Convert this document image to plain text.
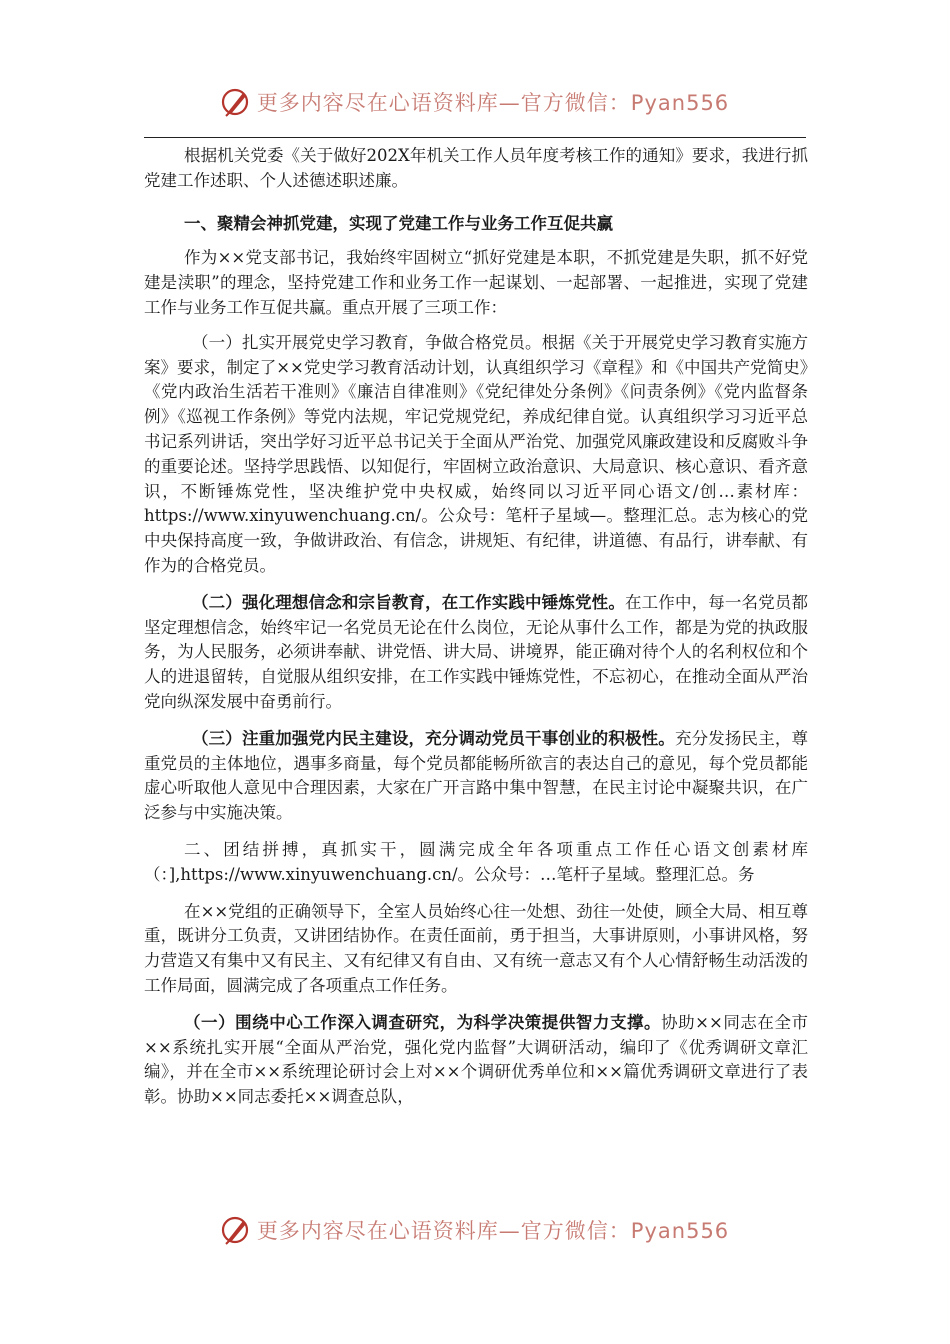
更多内容尽在心语资料库—官方微信：Pyan556

根据机关党委《关于做好202X年机关工作人员年度考核工作的通知》要求，我进行抓党建工作述职、个人述德述职述廉。

一、聚精会神抓党建，实现了党建工作与业务工作互促共赢

作为××党支部书记，我始终牢固树立“抓好党建是本职，不抓党建是失职，抓不好党建是渎职”的理念，坚持党建工作和业务工作一起谋划、一起部署、一起推进，实现了党建工作与业务工作互促共赢。重点开展了三项工作：

（一）扎实开展党史学习教育，争做合格党员。根据《关于开展党史学习教育实施方案》要求，制定了××党史学习教育活动计划，认真组织学习《章程》和《中国共产党简史》《党内政治生活若干准则》《廉洁自律准则》《党纪律处分条例》《问责条例》《党内监督条例》《巡视工作条例》等党内法规，牢记党规党纪，养成纪律自觉。认真组织学习习近平总书记系列讲话，突出学好习近平总书记关于全面从严治党、加强党风廉政建设和反腐败斗争的重要论述。坚持学思践悟、以知促行，牢固树立政治意识、大局意识、核心意识、看齐意识，不断锤炼党性，坚决维护党中央权威，始终同以习近平同心语文/创…素材库：https://www.xinyuwenchuang.cn/。公众号：笔杆子星域—。整理汇总。志为核心的党中央保持高度一致，争做讲政治、有信念，讲规矩、有纪律，讲道德、有品行，讲奉献、有作为的合格党员。

（二）强化理想信念和宗旨教育，在工作实践中锤炼党性。在工作中，每一名党员都坚定理想信念，始终牢记一名党员无论在什么岗位，无论从事什么工作，都是为党的执政服务，为人民服务，必须讲奉献、讲党悟、讲大局、讲境界，能正确对待个人的名利权位和个人的进退留转，自觉服从组织安排，在工作实践中锤炼党性，不忘初心，在推动全面从严治党向纵深发展中奋勇前行。

（三）注重加强党内民主建设，充分调动党员干事创业的积极性。充分发扬民主，尊重党员的主体地位，遇事多商量，每个党员都能畅所欲言的表达自己的意见，每个党员都能虚心听取他人意见中合理因素，大家在广开言路中集中智慧，在民主讨论中凝聚共识，在广泛参与中实施决策。

二、团结拼搏，真抓实干，圆满完成全年各项重点工作任心语文创素材库（：],https://www.xinyuwenchuang.cn/。公众号：…笔杆子星域。整理汇总。务

在××党组的正确领导下，全室人员始终心往一处想、劲往一处使，顾全大局、相互尊重，既讲分工负责，又讲团结协作。在责任面前，勇于担当，大事讲原则，小事讲风格，努力营造又有集中又有民主、又有纪律又有自由、又有统一意志又有个人心情舒畅生动活泼的工作局面，圆满完成了各项重点工作任务。

（一）围绕中心工作深入调查研究，为科学决策提供智力支撑。协助××同志在全市××系统扎实开展“全面从严治党，强化党内监督”大调研活动，编印了《优秀调研文章汇编》，并在全市××系统理论研讨会上对××个调研优秀单位和××篇优秀调研文章进行了表彰。协助××同志委托××调查总队，

更多内容尽在心语资料库—官方微信：Pyan556
